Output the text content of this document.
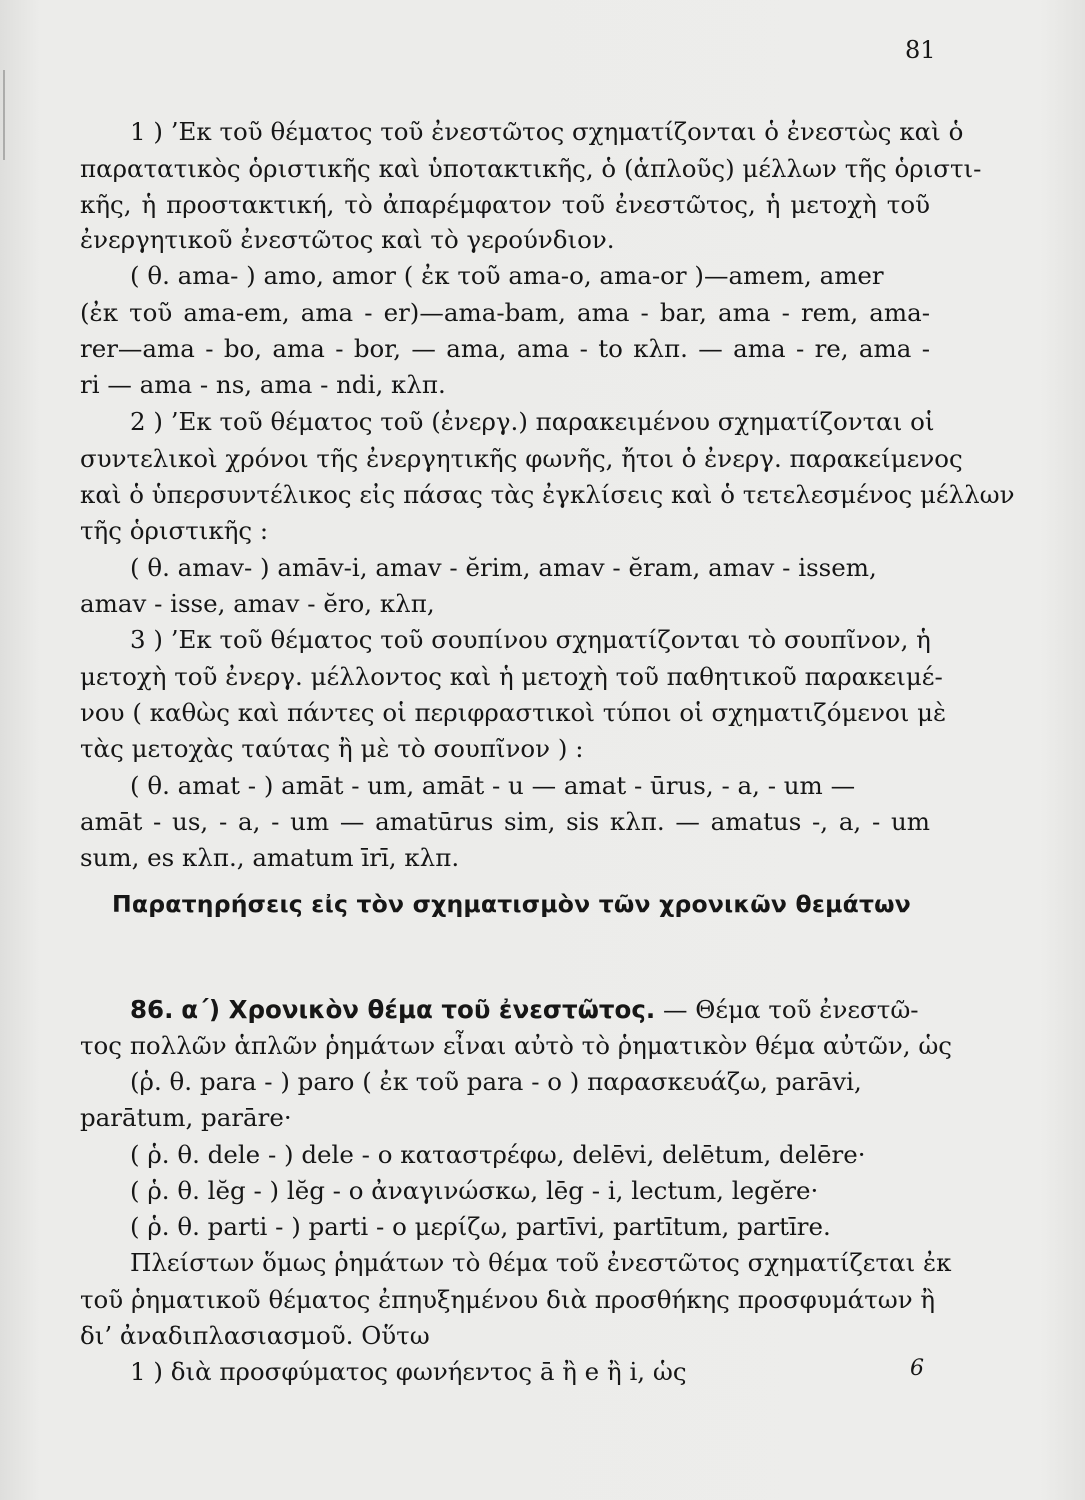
81
1 ) ’Εκ τοῦ θέματος τοῦ ἐνεστῶτος σχηματίζονται ὁ ἐνεστὼς καὶ ὁ
παρατατικὸς ὁριστικῆς καὶ ὑποτακτικῆς, ὁ (ἁπλοῦς) μέλλων τῆς ὁριστι-
κῆς, ἡ προστακτική, τὸ ἀπαρέμφατον τοῦ ἐνεστῶτος, ἡ μετοχὴ τοῦ
ἐνεργητικοῦ ἐνεστῶτος καὶ τὸ γερούνδιον.
( θ. ama- ) amo, amor ( ἐκ τοῦ ama-o, ama-or )—amem, amer
(ἐκ τοῦ ama-em, ama - er)—ama-bam, ama - bar, ama - rem, ama-
rer—ama - bo, ama - bor, — ama, ama - to κλπ. — ama - re, ama -
ri — ama - ns, ama - ndi, κλπ.
2 ) ’Εκ τοῦ θέματος τοῦ (ἐνεργ.) παρακειμένου σχηματίζονται οἱ
συντελικοὶ χρόνοι τῆς ἐνεργητικῆς φωνῆς, ἤτοι ὁ ἐνεργ. παρακείμενος
καὶ ὁ ὑπερσυντέλικος εἰς πάσας τὰς ἐγκλίσεις καὶ ὁ τετελεσμένος μέλλων
τῆς ὁριστικῆς :
( θ. amav- ) amāv-i, amav - ĕrim, amav - ĕram, amav - issem,
amav - isse, amav - ĕro, κλπ,
3 ) ’Εκ τοῦ θέματος τοῦ σουπίνου σχηματίζονται τὸ σουπῖνον, ἡ
μετοχὴ τοῦ ἐνεργ. μέλλοντος καὶ ἡ μετοχὴ τοῦ παθητικοῦ παρακειμέ-
νου ( καθὼς καὶ πάντες οἱ περιφραστικοὶ τύποι οἱ σχηματιζόμενοι μὲ
τὰς μετοχὰς ταύτας ἢ μὲ τὸ σουπῖνον ) :
( θ. amat - ) amāt - um, amāt - u — amat - ūrus, - a, - um —
amāt - us, - a, - um — amatūrus sim, sis κλπ. — amatus -, a, - um
sum, es κλπ., amatum īrī, κλπ.
Παρατηρήσεις εἰς τὸν σχηματισμὸν τῶν χρονικῶν θεμάτων
86. α΄) Χρονικὸν θέμα τοῦ ἐνεστῶτος. — Θέμα τοῦ ἐνεστῶ-
τος πολλῶν ἁπλῶν ῥημάτων εἶναι αὐτὸ τὸ ῥηματικὸν θέμα αὐτῶν, ὡς
(ῥ. θ. para - ) paro ( ἐκ τοῦ para - o ) παρασκευάζω, parāvi,
parātum, parāre·
( ῥ. θ. dele - ) dele - o καταστρέφω, delēvi, delētum, delēre·
( ῥ. θ. lĕg - ) lĕg - o ἀναγινώσκω, lēg - i, lectum, legĕre·
( ῥ. θ. parti - ) parti - o μερίζω, partīvi, partītum, partīre.
Πλείστων ὅμως ῥημάτων τὸ θέμα τοῦ ἐνεστῶτος σχηματίζεται ἐκ
τοῦ ῥηματικοῦ θέματος ἐπηυξημένου διὰ προσθήκης προσφυμάτων ἢ
δι’ ἀναδιπλασιασμοῦ. Οὕτω
1 ) διὰ προσφύματος φωνήεντος ā ἢ e ἢ i, ὡς	6
